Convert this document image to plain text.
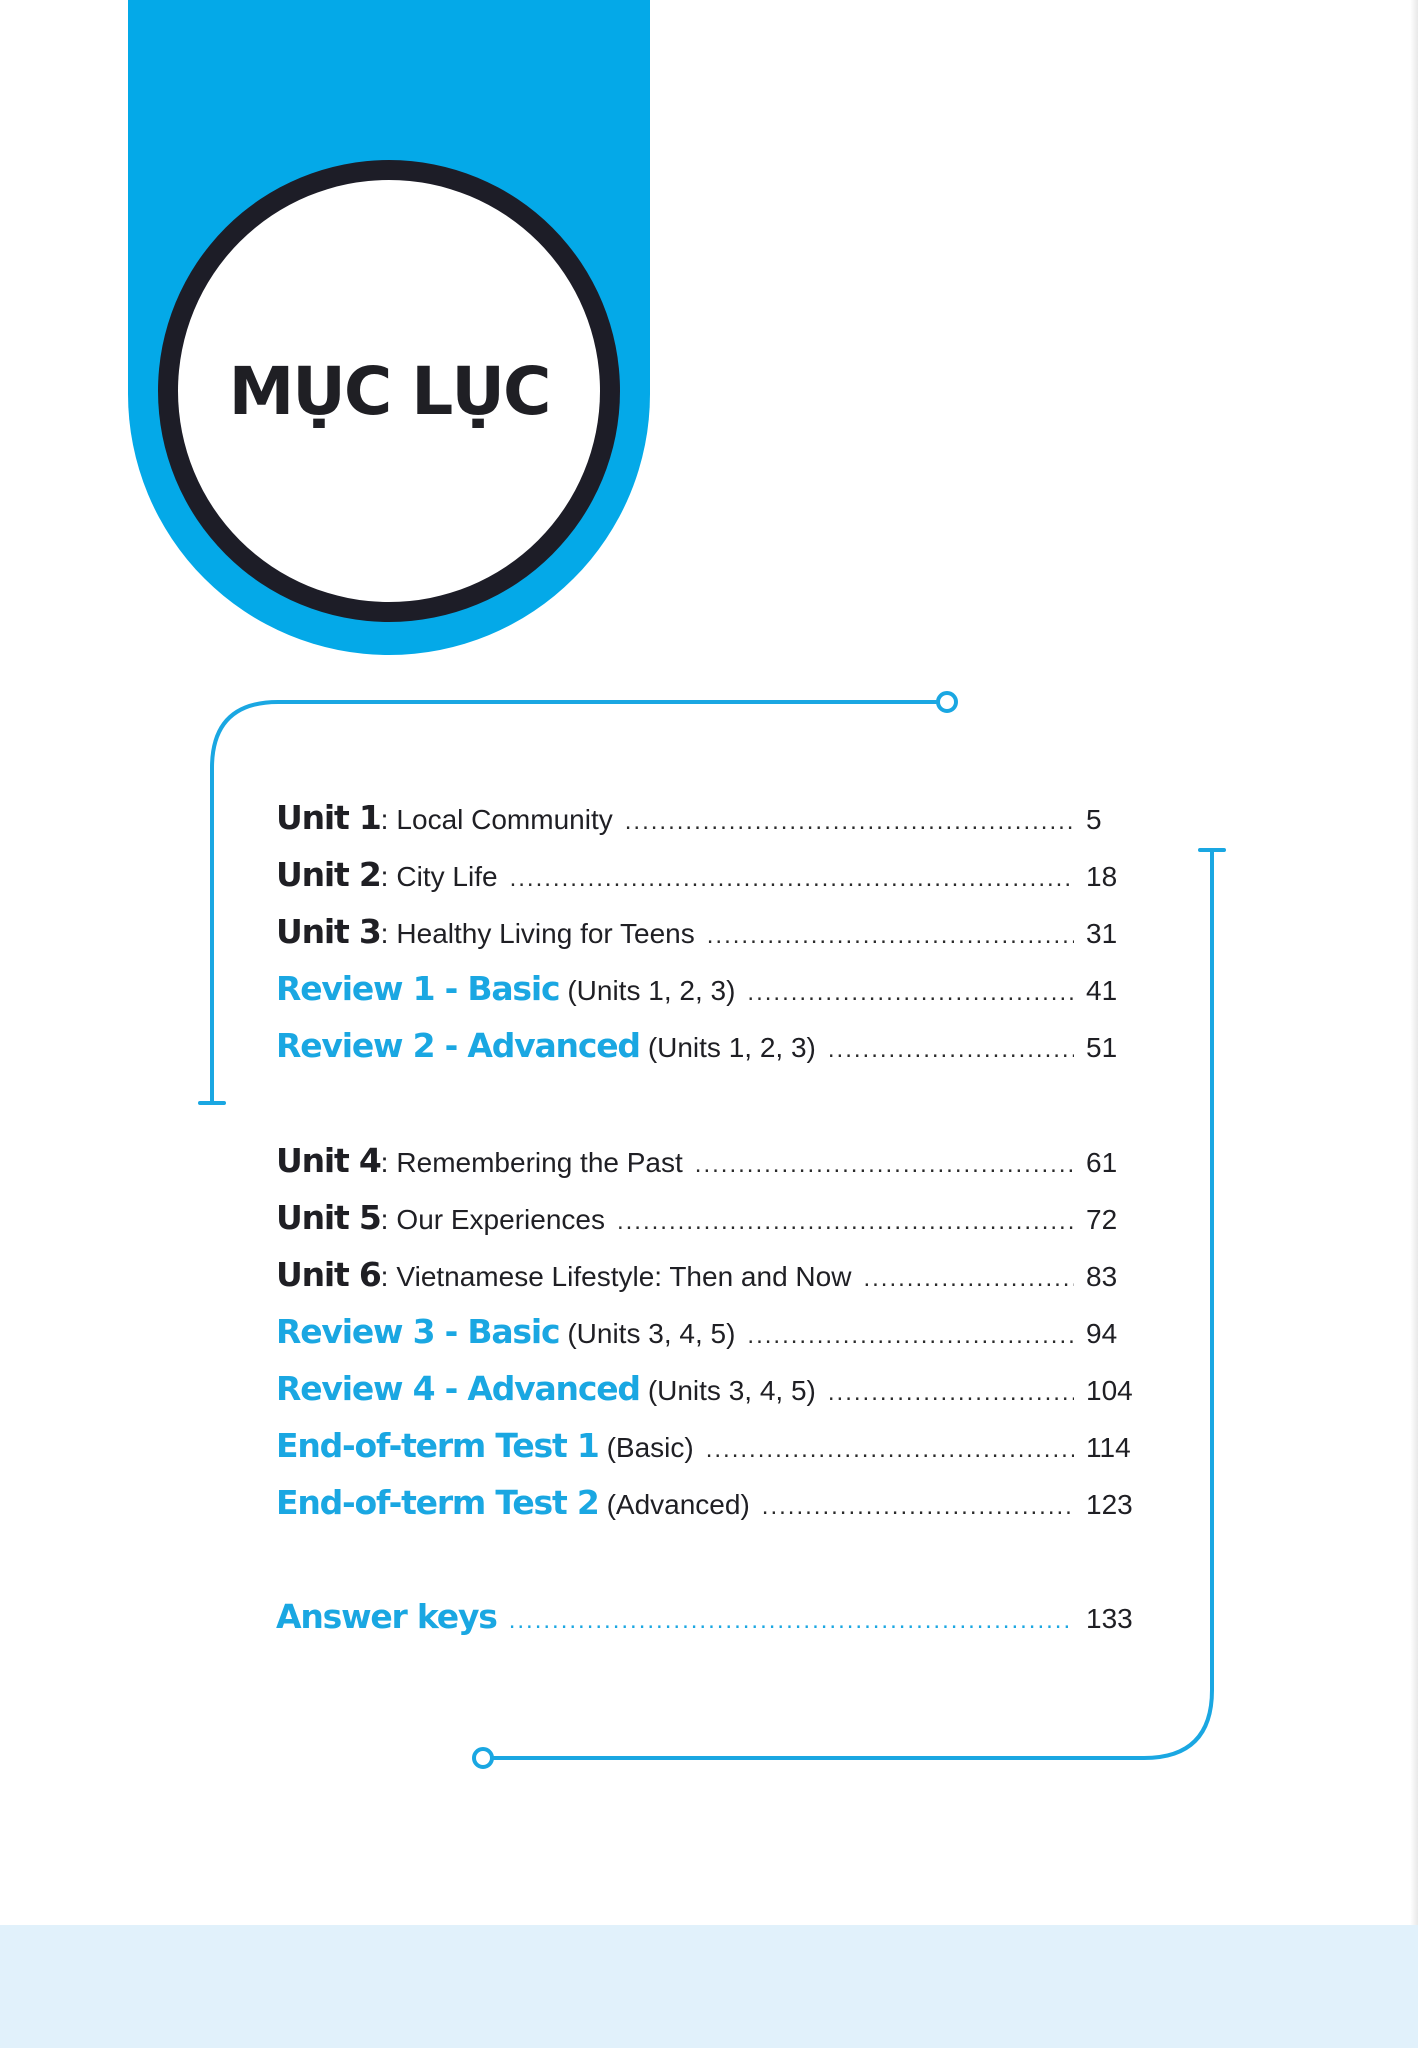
MỤC LỤC
Unit 1 : Local Community .....	5
Unit 2 : City Life .....	18
Unit 3 : Healthy Living for Teens .....	31
Review 1 - Basic (Units 1, 2, 3) .....	41
Review 2 - Advanced (Units 1, 2, 3) .....	51
Unit 4 : Remembering the Past .....	61
Unit 5 : Our Experiences .....	72
Unit 6 : Vietnamese Lifestyle: Then and Now .....	83
Review 3 - Basic (Units 3, 4, 5) .....	94
Review 4 - Advanced (Units 3, 4, 5) .....	104
End-of-term Test 1 (Basic) .....	114
End-of-term Test 2 (Advanced) .....	123
Answer keys .....	133
